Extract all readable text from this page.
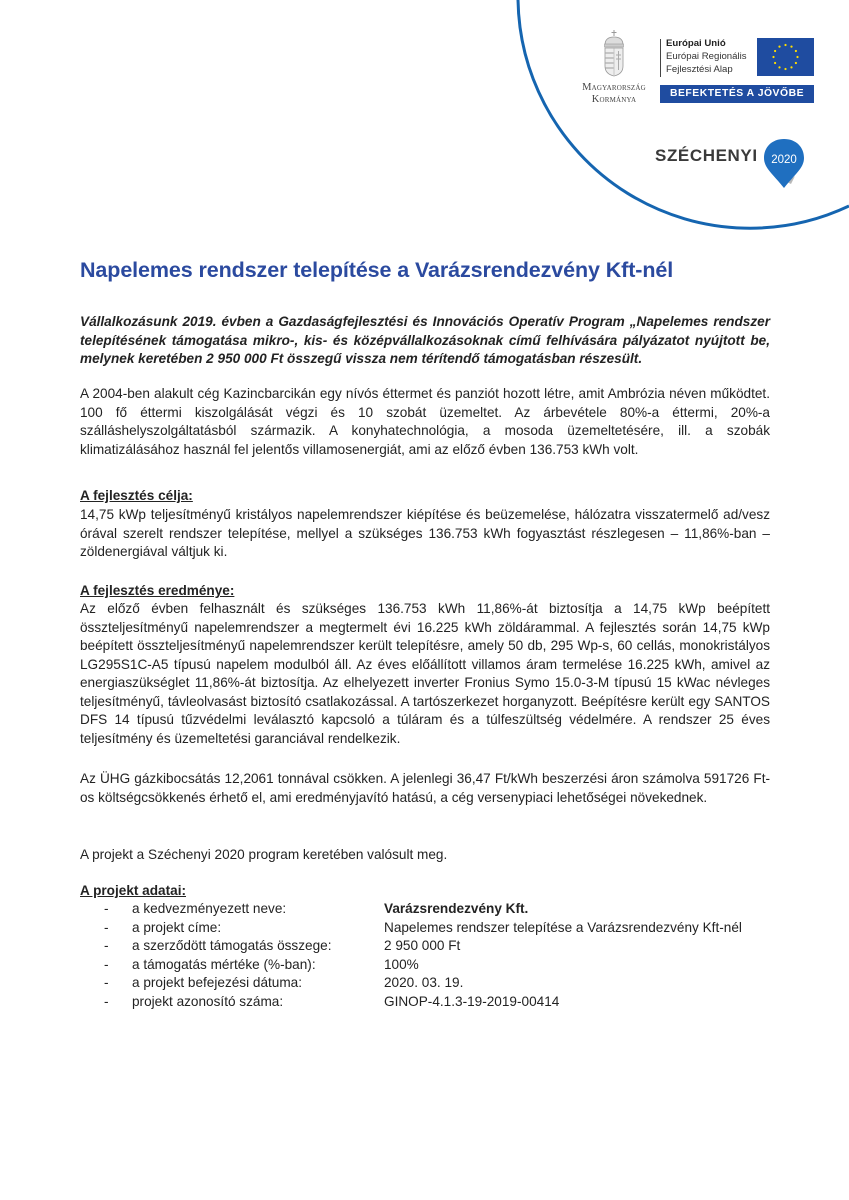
Magyarország
Kormánya
Európai Unió
Európai Regionális
Fejlesztési Alap
BEFEKTETÉS A JÖVŐBE
SZÉCHENYI 2020
Napelemes rendszer telepítése a Varázsrendezvény Kft-nél

Vállalkozásunk 2019. évben a Gazdaságfejlesztési és Innovációs Operatív Program „Napelemes rendszer telepítésének támogatása mikro-, kis- és középvállalkozásoknak című felhívására pályázatot nyújtott be, melynek keretében 2 950 000 Ft összegű vissza nem térítendő támogatásban részesült.

A 2004-ben alakult cég Kazincbarcikán egy nívós éttermet és panziót hozott létre, amit Ambrózia néven működtet. 100 fő éttermi kiszolgálását végzi és 10 szobát üzemeltet. Az árbevétele 80%-a éttermi, 20%-a szálláshelyszolgáltatásból származik. A konyhatechnológia, a mosoda üzemeltetésére, ill. a szobák klimatizálásához használ fel jelentős villamosenergiát, ami az előző évben 136.753 kWh volt.

A fejlesztés célja:

14,75 kWp teljesítményű kristályos napelemrendszer kiépítése és beüzemelése, hálózatra visszatermelő ad/vesz órával szerelt rendszer telepítése, mellyel a szükséges 136.753 kWh fogyasztást részlegesen – 11,86%-ban – zöldenergiával váltjuk ki.

A fejlesztés eredménye:

Az előző évben felhasznált és szükséges 136.753 kWh 11,86%-át biztosítja a 14,75 kWp beépített összteljesítményű napelemrendszer a megtermelt évi 16.225 kWh zöldárammal. A fejlesztés során 14,75 kWp beépített összteljesítményű napelemrendszer került telepítésre, amely 50 db, 295 Wp-s, 60 cellás, monokristályos LG295S1C-A5 típusú napelem modulból áll. Az éves előállított villamos áram termelése 16.225 kWh, amivel az energiaszükséglet 11,86%-át biztosítja. Az elhelyezett inverter Fronius Symo 15.0-3-M típusú 15 kWac névleges teljesítményű, távleolvasást biztosító csatlakozással. A tartószerkezet horganyzott. Beépítésre került egy SANTOS DFS 14 típusú tűzvédelmi leválasztó kapcsoló a túláram és a túlfeszültség védelmére. A rendszer 25 éves teljesítmény és üzemeltetési garanciával rendelkezik.

Az ÜHG gázkibocsátás 12,2061 tonnával csökken. A jelenlegi 36,47 Ft/kWh beszerzési áron számolva 591726 Ft-os költségcsökkenés érhető el, ami eredményjavító hatású, a cég versenypiaci lehetőségei növekednek.

A projekt a Széchenyi 2020 program keretében valósult meg.

A projekt adatai:
- a kedvezményezett neve:	Varázsrendezvény Kft.
- a projekt címe:	Napelemes rendszer telepítése a Varázsrendezvény Kft-nél
- a szerződött támogatás összege:	2 950 000 Ft
- a támogatás mértéke (%-ban):	100%
- a projekt befejezési dátuma:	2020. 03. 19.
- projekt azonosító száma:	GINOP-4.1.3-19-2019-00414
